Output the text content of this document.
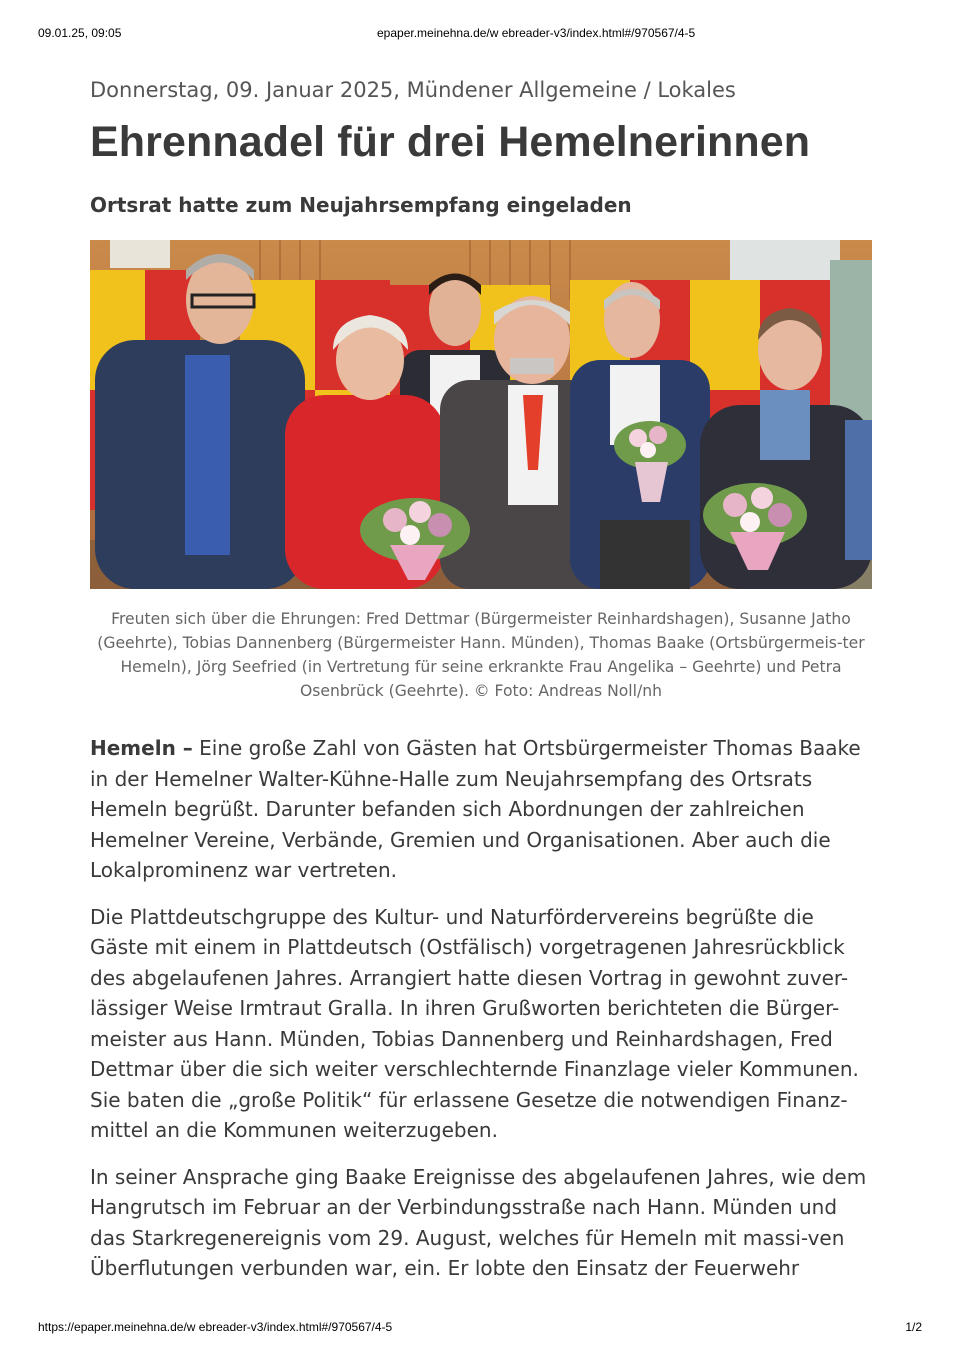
09.01.25, 09:05	epaper.meinehna.de/w ebreader-v3/index.html#/970567/4-5

Donnerstag, 09. Januar 2025, Mündener Allgemeine / Lokales

Ehrennadel für drei Hemelnerinnen
Ortsrat hatte zum Neujahrsempfang eingeladen

Freuten sich über die Ehrungen: Fred Dettmar (Bürgermeister Reinhardshagen), Susanne Jatho (Geehrte), Tobias Dannenberg (Bürgermeister Hann. Münden), Thomas Baake (Ortsbürgermeis-ter Hemeln), Jörg Seefried (in Vertretung für seine erkrankte Frau Angelika – Geehrte) und Petra Osenbrück (Geehrte). © Foto: Andreas Noll/nh

Hemeln – Eine große Zahl von Gästen hat Ortsbürgermeister Thomas Baake in der Hemelner Walter-Kühne-Halle zum Neujahrsempfang des Ortsrats Hemeln begrüßt. Darunter befanden sich Abordnungen der zahlreichen Hemelner Vereine, Verbände, Gremien und Organisationen. Aber auch die Lokalprominenz war vertreten.

Die Plattdeutschgruppe des Kultur- und Naturfördervereins begrüßte die Gäste mit einem in Plattdeutsch (Ostfälisch) vorgetragenen Jahresrückblick des abgelaufenen Jahres. Arrangiert hatte diesen Vortrag in gewohnt zuver-lässiger Weise Irmtraut Gralla. In ihren Grußworten berichteten die Bürger-meister aus Hann. Münden, Tobias Dannenberg und Reinhardshagen, Fred Dettmar über die sich weiter verschlechternde Finanzlage vieler Kommunen. Sie baten die „große Politik“ für erlassene Gesetze die notwendigen Finanz-mittel an die Kommunen weiterzugeben.

In seiner Ansprache ging Baake Ereignisse des abgelaufenen Jahres, wie dem Hangrutsch im Februar an der Verbindungsstraße nach Hann. Münden und das Starkregenereignis vom 29. August, welches für Hemeln mit massi-ven Überflutungen verbunden war, ein. Er lobte den Einsatz der Feuerwehr

https://epaper.meinehna.de/w ebreader-v3/index.html#/970567/4-5	1/2
